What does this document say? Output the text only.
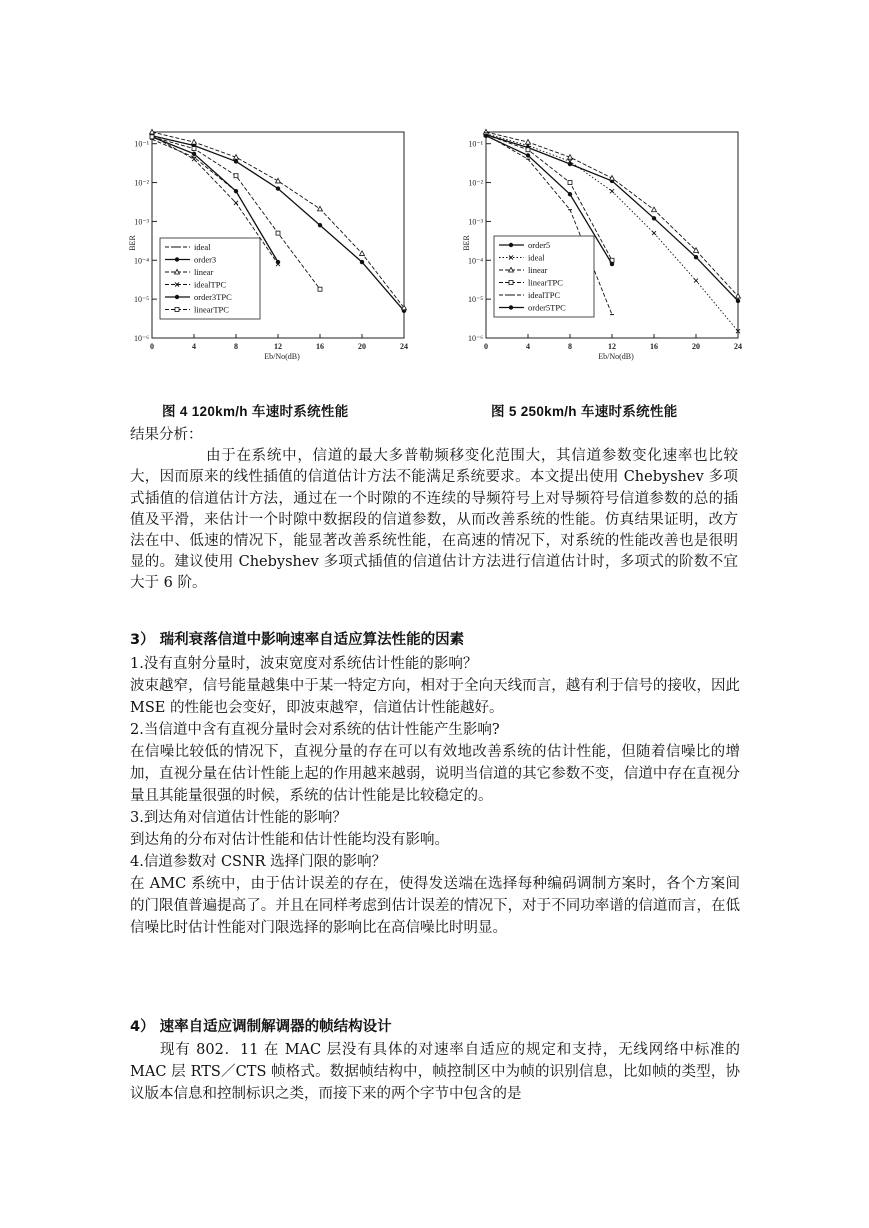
10⁻¹
10⁻²
10⁻³
10⁻⁴
10⁻⁵
10⁻⁶
0	4	8	12	16	20	24
Eb/No(dB)
BER	ideal
order3
linear
idealTPC
order3TPC
linearTPC
10⁻¹
10⁻²
10⁻³
10⁻⁴
10⁻⁵
10⁻⁶
0	4	8	12	16	20	24
Eb/No(dB)
BER	order5
ideal
linear
linearTPC
idealTPC
order5TPC
图 4 120km/h 车速时系统性能	图 5 250km/h 车速时系统性能

结果分析：

由于在系统中，信道的最大多普勒频移变化范围大，其信道参数变化速率也比较大，因而原来的线性插值的信道估计方法不能满足系统要求。本文提出使用 Chebyshev 多项式插值的信道估计方法，通过在一个时隙的不连续的导频符号上对导频符号信道参数的总的插值及平滑，来估计一个时隙中数据段的信道参数，从而改善系统的性能。仿真结果证明，改方法在中、低速的情况下，能显著改善系统性能，在高速的情况下，对系统的性能改善也是很明显的。建议使用 Chebyshev 多项式插值的信道估计方法进行信道估计时，多项式的阶数不宜大于 6 阶。

3） 瑞利衰落信道中影响速率自适应算法性能的因素

1.没有直射分量时，波束宽度对系统估计性能的影响？

波束越窄，信号能量越集中于某一特定方向，相对于全向天线而言，越有利于信号的接收，因此 MSE 的性能也会变好，即波束越窄，信道估计性能越好。

2.当信道中含有直视分量时会对系统的估计性能产生影响?

在信噪比较低的情况下，直视分量的存在可以有效地改善系统的估计性能，但随着信噪比的增加，直视分量在估计性能上起的作用越来越弱，说明当信道的其它参数不变，信道中存在直视分量且其能量很强的时候，系统的估计性能是比较稳定的。

3.到达角对信道估计性能的影响？

到达角的分布对估计性能和估计性能均没有影响。

4.信道参数对 CSNR 选择门限的影响？

在 AMC 系统中，由于估计误差的存在，使得发送端在选择每种编码调制方案时，各个方案间的门限值普遍提高了。并且在同样考虑到估计误差的情况下，对于不同功率谱的信道而言，在低信噪比时估计性能对门限选择的影响比在高信噪比时明显。

4） 速率自适应调制解调器的帧结构设计

现有 802．11 在 MAC 层没有具体的对速率自适应的规定和支持，无线网络中标准的 MAC 层 RTS／CTS 帧格式。数据帧结构中，帧控制区中为帧的识别信息，比如帧的类型，协议版本信息和控制标识之类，而接下来的两个字节中包含的是
